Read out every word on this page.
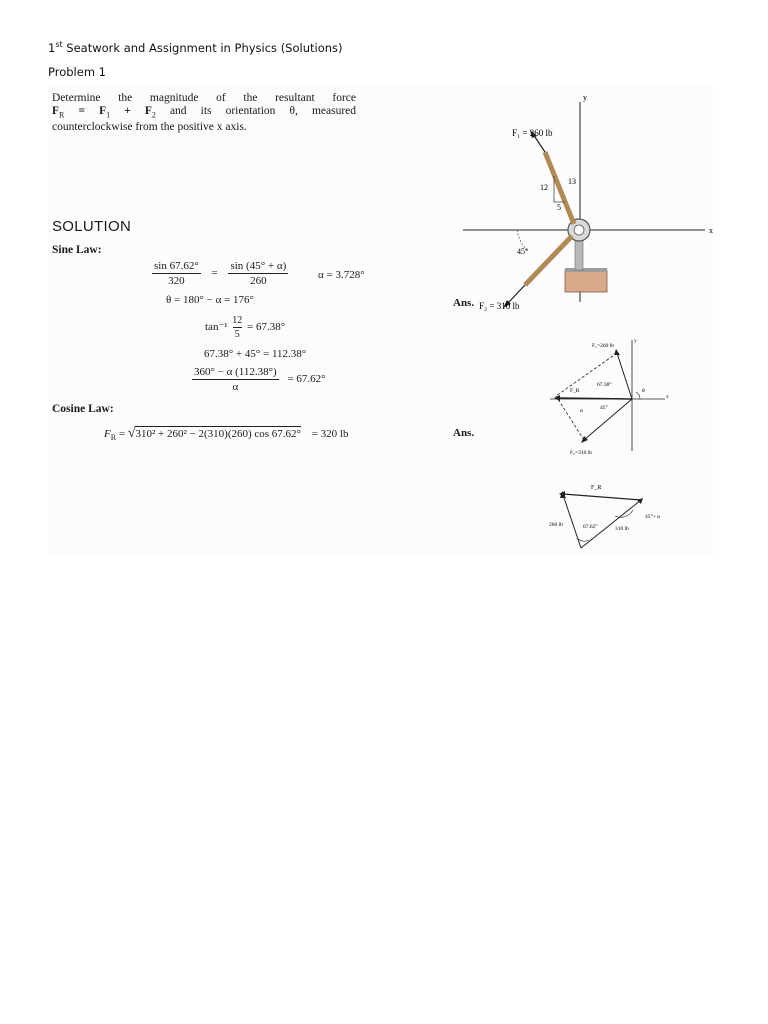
1st Seatwork and Assignment in Physics (Solutions)
Problem 1
Determine the magnitude of the resultant force
$F_R = F_1 + F_2$ and its orientation θ, measured
counterclockwise from the positive x axis.
SOLUTION
Sine Law:
$\frac{\sin 67.62^\circ}{320} = \frac{\sin (45^\circ + \alpha)}{260}$	α = 3.728°
θ = 180° − α = 176°
$\tan^{-1} \frac{12}{5} = 67.38^\circ$
67.38° + 45° = 112.38°
$\frac{360^\circ - \alpha (112.38^\circ)}{\alpha} = 67.62^\circ$
Cosine Law:
$F_R = √310^2 + 260^2 - 2(310)(260)$ cos 67.62° = 320 lb
Ans.
Ans.
y
x
F₁ = 260 lb
12
13
5
45°
F₂ = 310 lb
F₁=260 lb
F₂=310 lb
F_R
67.38°
45°
α
θ
y
x
F_R
260 lb	67.62°	310 lb
45°+ α
